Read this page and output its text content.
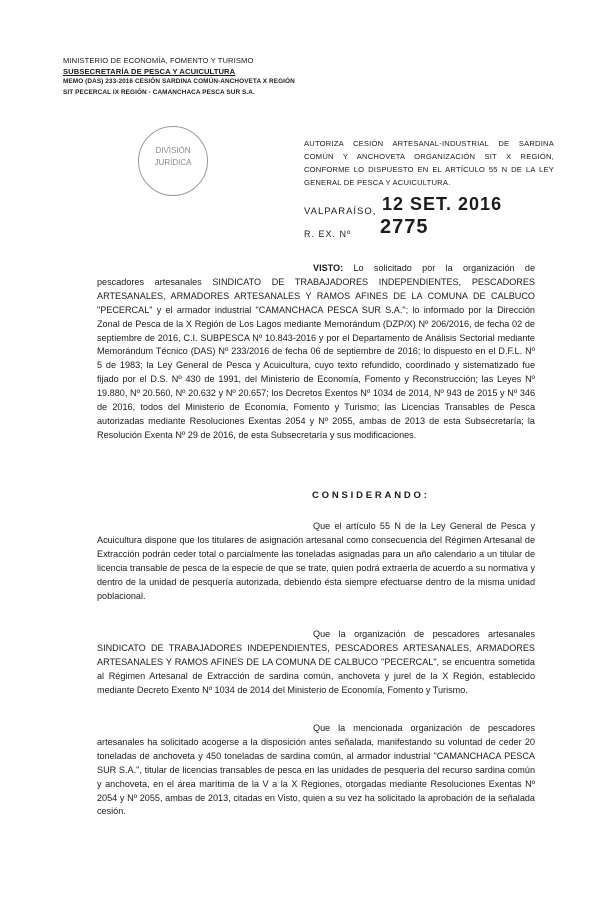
MINISTERIO DE ECONOMÍA, FOMENTO Y TURISMO
SUBSECRETARÍA DE PESCA Y ACUICULTURA
MEMO (DAS) 233-2016 CESIÓN SARDINA COMÚN-ANCHOVETA X REGIÓN
SIT PECERCAL IX REGIÓN - CAMANCHACA PESCA SUR S.A.
DIVISIÓN
JURÍDICA
AUTORIZA CESIÓN ARTESANAL-INDUSTRIAL DE SARDINA COMÚN Y ANCHOVETA ORGANIZACIÓN SIT X REGIÓN, CONFORME LO DISPUESTO EN EL ARTÍCULO 55 N DE LA LEY GENERAL DE PESCA Y ACUICULTURA.
VALPARAÍSO, 12 SET. 2016
R. EX. Nº 2775
VISTO: Lo solicitado por la organización de pescadores artesanales SINDICATO DE TRABAJADORES INDEPENDIENTES, PESCADORES ARTESANALES, ARMADORES ARTESANALES Y RAMOS AFINES DE LA COMUNA DE CALBUCO "PECERCAL" y el armador industrial "CAMANCHACA PESCA SUR S.A."; lo informado por la Dirección Zonal de Pesca de la X Región de Los Lagos mediante Memorándum (DZP/X) Nº 206/2016, de fecha 02 de septiembre de 2016, C.I. SUBPESCA Nº 10.843-2016 y por el Departamento de Análisis Sectorial mediante Memorándum Técnico (DAS) Nº 233/2016 de fecha 06 de septiembre de 2016; lo dispuesto en el D.F.L. Nº 5 de 1983; la Ley General de Pesca y Acuicultura, cuyo texto refundido, coordinado y sistematizado fue fijado por el D.S. Nº 430 de 1991, del Ministerio de Economía, Fomento y Reconstrucción; las Leyes Nº 19.880, Nº 20.560, Nº 20.632 y Nº 20.657; los Decretos Exentos Nº 1034 de 2014, Nº 943 de 2015 y Nº 346 de 2016, todos del Ministerio de Economía, Fomento y Turismo; las Licencias Transables de Pesca autorizadas mediante Resoluciones Exentas 2054 y Nº 2055, ambas de 2013 de esta Subsecretaría; la Resolución Exenta Nº 29 de 2016, de esta Subsecretaría y sus modificaciones.
CONSIDERANDO:
Que el artículo 55 N de la Ley General de Pesca y Acuicultura dispone que los titulares de asignación artesanal como consecuencia del Régimen Artesanal de Extracción podrán ceder total o parcialmente las toneladas asignadas para un año calendario a un titular de licencia transable de pesca de la especie de que se trate, quien podrá extraerla de acuerdo a su normativa y dentro de la unidad de pesquería autorizada, debiendo ésta siempre efectuarse dentro de la misma unidad poblacional.
Que la organización de pescadores artesanales SINDICATO DE TRABAJADORES INDEPENDIENTES, PESCADORES ARTESANALES, ARMADORES ARTESANALES Y RAMOS AFINES DE LA COMUNA DE CALBUCO "PECERCAL", se encuentra sometida al Régimen Artesanal de Extracción de sardina común, anchoveta y jurel de la X Región, establecido mediante Decreto Exento Nº 1034 de 2014 del Ministerio de Economía, Fomento y Turismo.
Que la mencionada organización de pescadores artesanales ha solicitado acogerse a la disposición antes señalada, manifestando su voluntad de ceder 20 toneladas de anchoveta y 450 toneladas de sardina común, al armador industrial "CAMANCHACA PESCA SUR S.A.", titular de licencias transables de pesca en las unidades de pesquería del recurso sardina común y anchoveta, en el área marítima de la V a la X Regiones, otorgadas mediante Resoluciones Exentas Nº 2054 y Nº 2055, ambas de 2013, citadas en Visto, quien a su vez ha solicitado la aprobación de la señalada cesión.
